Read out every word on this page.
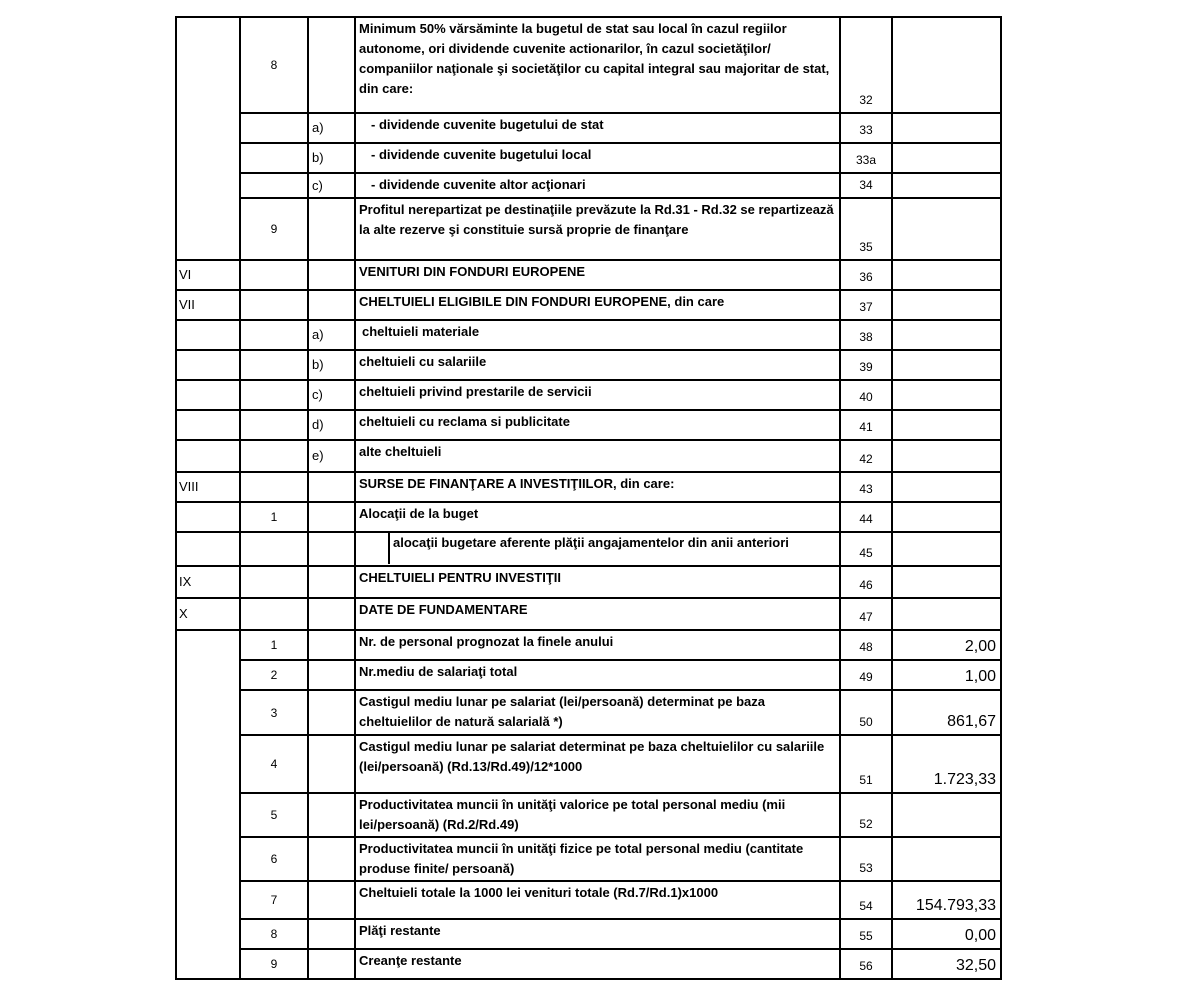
	8		Minimum 50% vărsăminte la bugetul de stat sau local în cazul regiilor autonome, ori dividende cuvenite actionarilor, în cazul societăţilor/ companiilor naţionale şi societăţilor cu capital integral sau majoritar de stat, din care:	32	
		a)	- dividende cuvenite bugetului de stat	33	
		b)	- dividende cuvenite bugetului local	33a	
		c)	- dividende cuvenite altor acţionari	34	
	9		Profitul nerepartizat pe destinaţiile prevăzute la Rd.31 - Rd.32 se repartizează la alte rezerve şi constituie sursă proprie de finanţare	35	
VI			VENITURI DIN FONDURI EUROPENE	36	
VII			CHELTUIELI ELIGIBILE DIN FONDURI EUROPENE, din care	37	
		a)	cheltuieli materiale	38	
		b)	cheltuieli cu salariile	39	
		c)	cheltuieli privind prestarile de servicii	40	
		d)	cheltuieli cu reclama si publicitate	41	
		e)	alte cheltuieli	42	
VIII			SURSE DE FINANŢARE A INVESTIŢIILOR, din care:	43	
	1		Alocaţii de la buget	44	

			alocaţii bugetare aferente plăţii angajamentelor din anii anteriori	45	
IX			CHELTUIELI PENTRU INVESTIŢII	46	
X			DATE DE FUNDAMENTARE	47	
	1		Nr. de personal prognozat la finele anului	48	2,00
	2		Nr.mediu de salariaţi total	49	1,00
	3		Castigul mediu lunar pe salariat (lei/persoană) determinat pe baza cheltuielilor de natură salarială *)	50	861,67
	4		Castigul mediu lunar pe salariat determinat pe baza cheltuielilor cu salariile (lei/persoană) (Rd.13/Rd.49)/12*1000	51	1.723,33
	5		Productivitatea muncii în unităţi valorice pe total personal mediu (mii lei/persoană) (Rd.2/Rd.49)	52	
	6		Productivitatea muncii în unităţi fizice pe total personal mediu (cantitate produse finite/ persoană)	53	
	7		Cheltuieli totale la 1000 lei venituri totale (Rd.7/Rd.1)x1000	54	154.793,33
	8		Plăţi restante	55	0,00
	9		Creanţe restante	56	32,50
